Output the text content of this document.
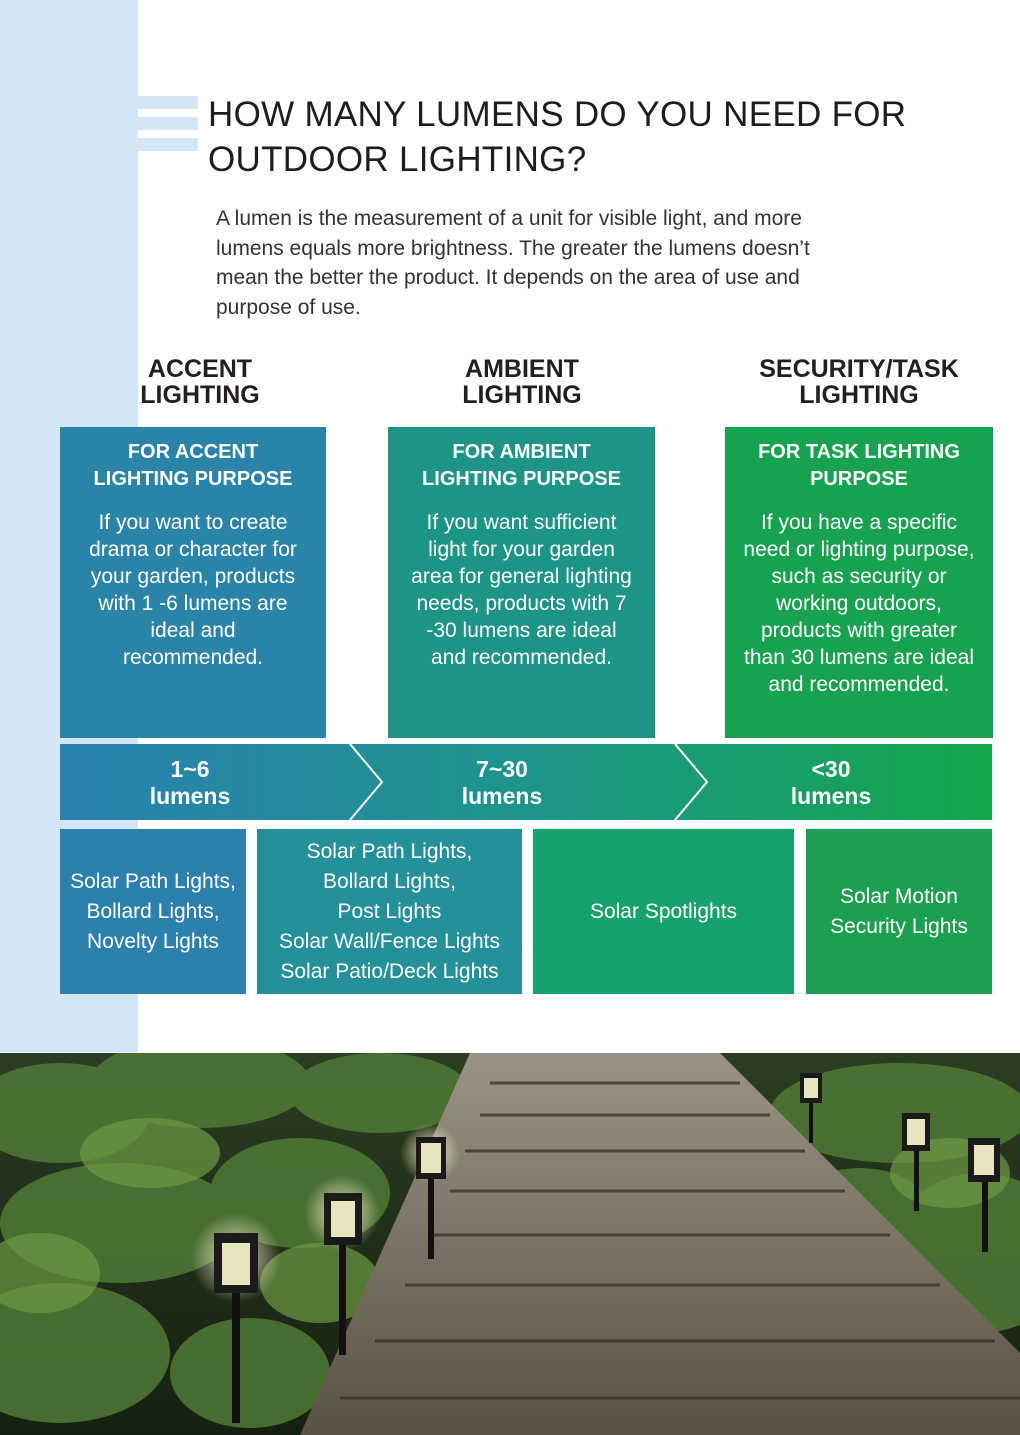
HOW MANY LUMENS DO YOU NEED FOR OUTDOOR LIGHTING?

A lumen is the measurement of a unit for visible light, and more lumens equals more brightness. The greater the lumens doesn’t mean the better the product. It depends on the area of use and purpose of use.

ACCENT
LIGHTING
AMBIENT
LIGHTING
SECURITY/TASK
LIGHTING
FOR ACCENT
LIGHTING PURPOSE
If you want to create drama or character for your garden, products with 1 -6 lumens are ideal and recommended.
FOR AMBIENT
LIGHTING PURPOSE
If you want sufficient light for your garden area for general lighting needs, products with 7 -30 lumens are ideal and recommended.
FOR TASK LIGHTING
PURPOSE
If you have a specific need or lighting purpose, such as security or working outdoors, products with greater than 30 lumens are ideal and recommended.
1~6
lumens
7~30
lumens
<30
lumens
Solar Path Lights,
Bollard Lights,
Novelty Lights
Solar Path Lights,
Bollard Lights,
Post Lights
Solar Wall/Fence Lights
Solar Patio/Deck Lights
Solar Spotlights
Solar Motion
Security Lights
